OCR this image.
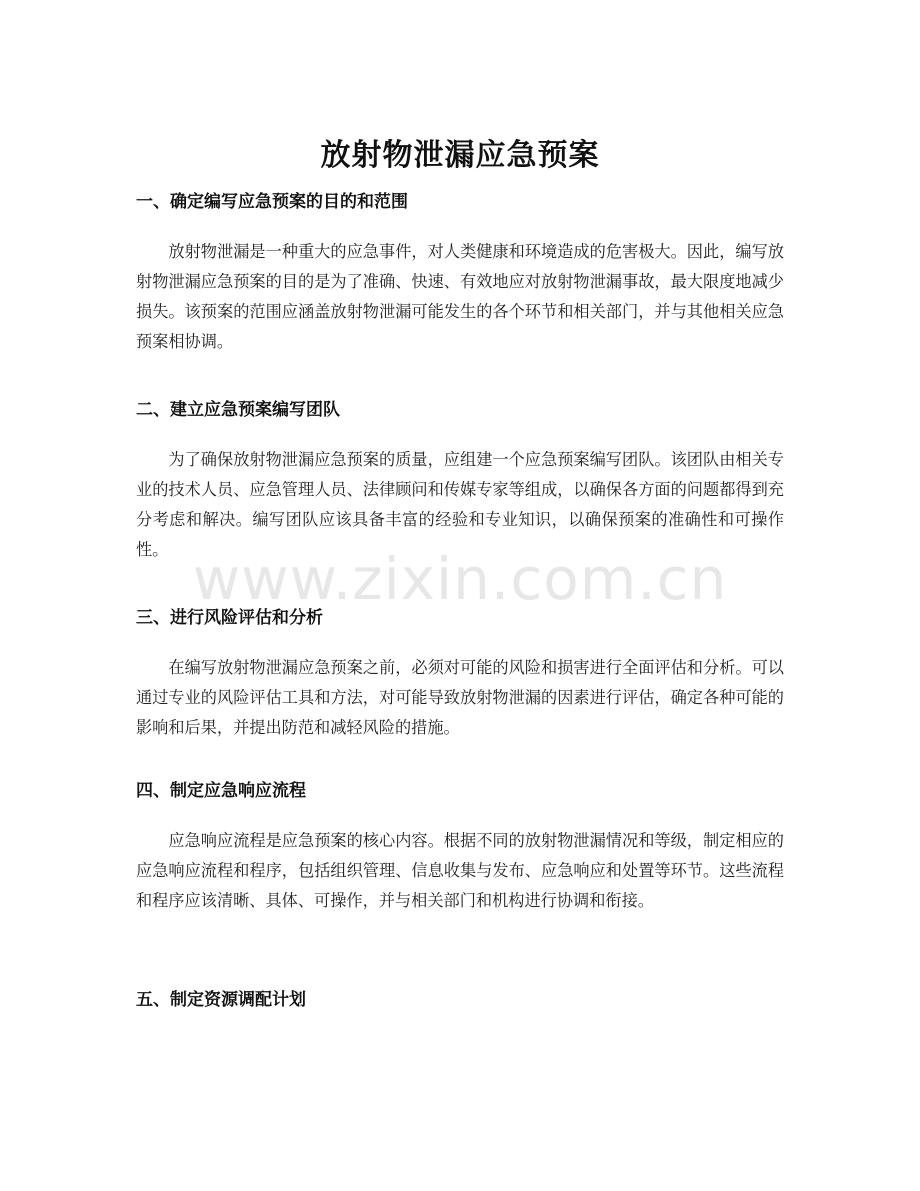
放射物泄漏应急预案
一、确定编写应急预案的目的和范围

放射物泄漏是一种重大的应急事件，对人类健康和环境造成的危害极大。因此，编写放射物泄漏应急预案的目的是为了准确、快速、有效地应对放射物泄漏事故，最大限度地减少损失。该预案的范围应涵盖放射物泄漏可能发生的各个环节和相关部门，并与其他相关应急预案相协调。

二、建立应急预案编写团队

为了确保放射物泄漏应急预案的质量，应组建一个应急预案编写团队。该团队由相关专业的技术人员、应急管理人员、法律顾问和传媒专家等组成，以确保各方面的问题都得到充分考虑和解决。编写团队应该具备丰富的经验和专业知识，以确保预案的准确性和可操作性。

三、进行风险评估和分析

在编写放射物泄漏应急预案之前，必须对可能的风险和损害进行全面评估和分析。可以通过专业的风险评估工具和方法，对可能导致放射物泄漏的因素进行评估，确定各种可能的影响和后果，并提出防范和减轻风险的措施。

四、制定应急响应流程

应急响应流程是应急预案的核心内容。根据不同的放射物泄漏情况和等级，制定相应的应急响应流程和程序，包括组织管理、信息收集与发布、应急响应和处置等环节。这些流程和程序应该清晰、具体、可操作，并与相关部门和机构进行协调和衔接。

五、制定资源调配计划
www.zixin.com.cn
